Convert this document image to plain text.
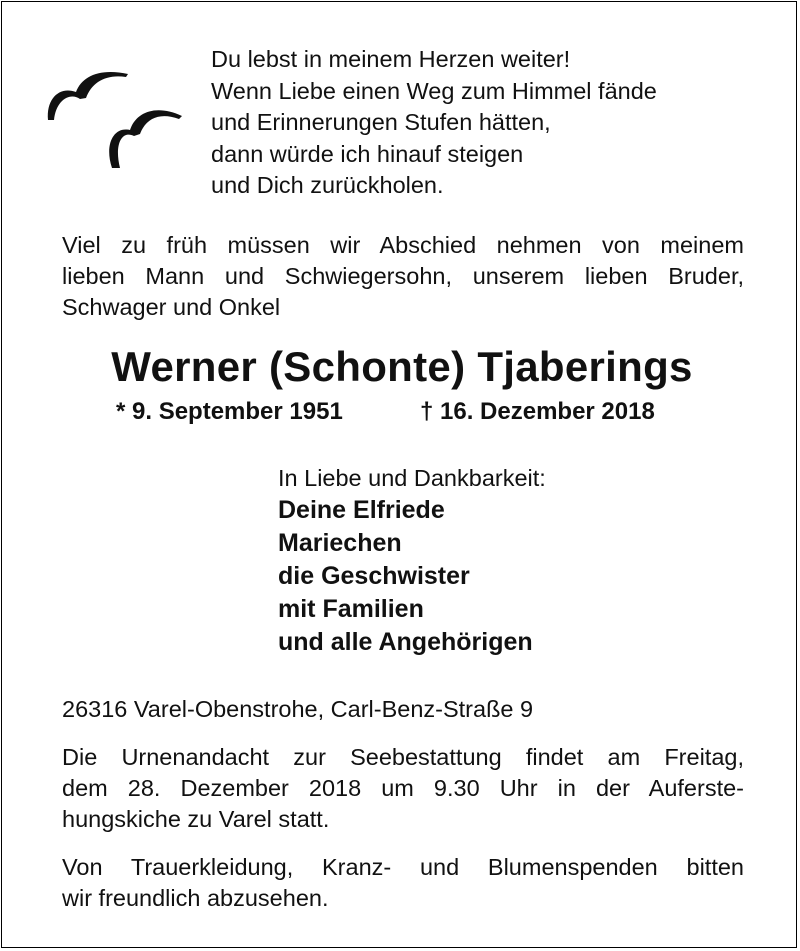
Du lebst in meinem Herzen weiter!
Wenn Liebe einen Weg zum Himmel fände
und Erinnerungen Stufen hätten,
dann würde ich hinauf steigen
und Dich zurückholen.

Viel zu früh müssen wir Abschied nehmen von meinem
lieben Mann und Schwiegersohn, unserem lieben Bruder,
Schwager und Onkel

Werner (Schonte) Tjaberings
* 9. September 1951	† 16. Dezember 2018

In Liebe und Dankbarkeit:

Deine Elfriede
Mariechen
die Geschwister
mit Familien
und alle Angehörigen

26316 Varel-Obenstrohe, Carl-Benz-Straße 9

Die Urnenandacht zur Seebestattung findet am Freitag,
dem 28. Dezember 2018 um 9.30 Uhr in der Auferste-
hungskiche zu Varel statt.

Von Trauerkleidung, Kranz- und Blumenspenden bitten
wir freundlich abzusehen.
